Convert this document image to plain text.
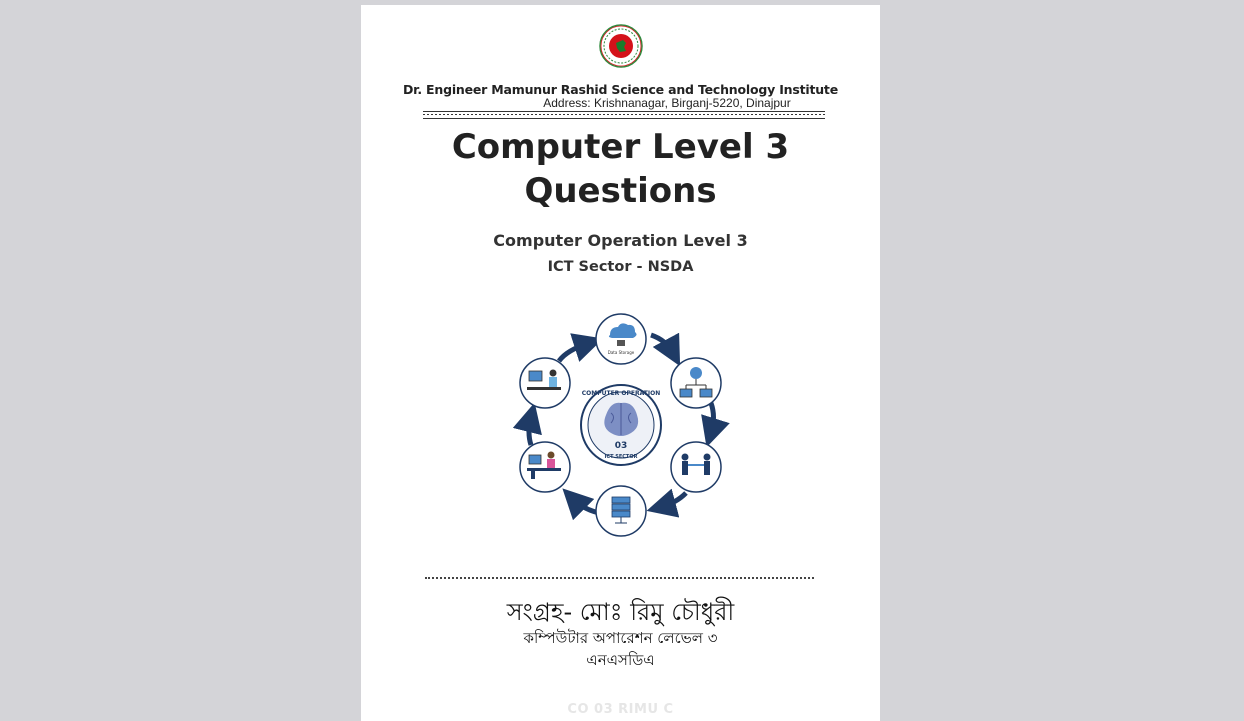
Dr. Engineer Mamunur Rashid Science and Technology Institute
Address: Krishnanagar, Birganj-5220, Dinajpur
Computer Level 3 Questions
Computer Operation Level 3
ICT Sector - NSDA
COMPUTER OPERATION
03
ICT SECTOR
Data Storage
সংগ্রহ- মোঃ রিমু চৌধুরী
কম্পিউটার অপারেশন লেভেল ৩
এনএসডিএ
CO 03 RIMU C
